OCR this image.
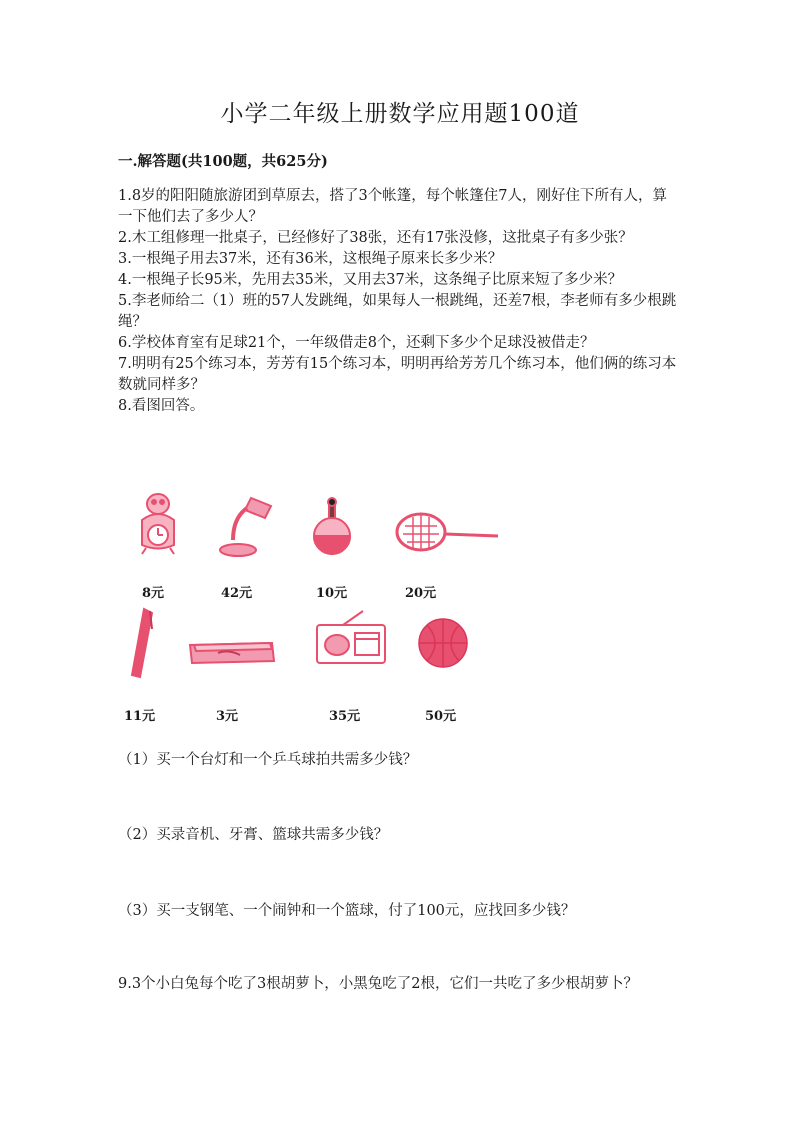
小学二年级上册数学应用题100道
一.解答题(共100题，共625分)

1.8岁的阳阳随旅游团到草原去，搭了3个帐篷，每个帐篷住7人，刚好住下所有人，算一下他们去了多少人？

2.木工组修理一批桌子，已经修好了38张，还有17张没修，这批桌子有多少张？

3.一根绳子用去37米，还有36米，这根绳子原来长多少米？

4.一根绳子长95米，先用去35米，又用去37米，这条绳子比原来短了多少米？

5.李老师给二（1）班的57人发跳绳，如果每人一根跳绳，还差7根，李老师有多少根跳绳？

6.学校体育室有足球21个，一年级借走8个，还剩下多少个足球没被借走？

7.明明有25个练习本，芳芳有15个练习本，明明再给芳芳几个练习本，他们俩的练习本数就同样多？

8.看图回答。

8元	42元	10元	20元
11元	3元	35元	50元
（1）买一个台灯和一个乒乓球拍共需多少钱？
（2）买录音机、牙膏、篮球共需多少钱？
（3）买一支钢笔、一个闹钟和一个篮球，付了100元，应找回多少钱？
9.3个小白兔每个吃了3根胡萝卜，小黑兔吃了2根，它们一共吃了多少根胡萝卜？
